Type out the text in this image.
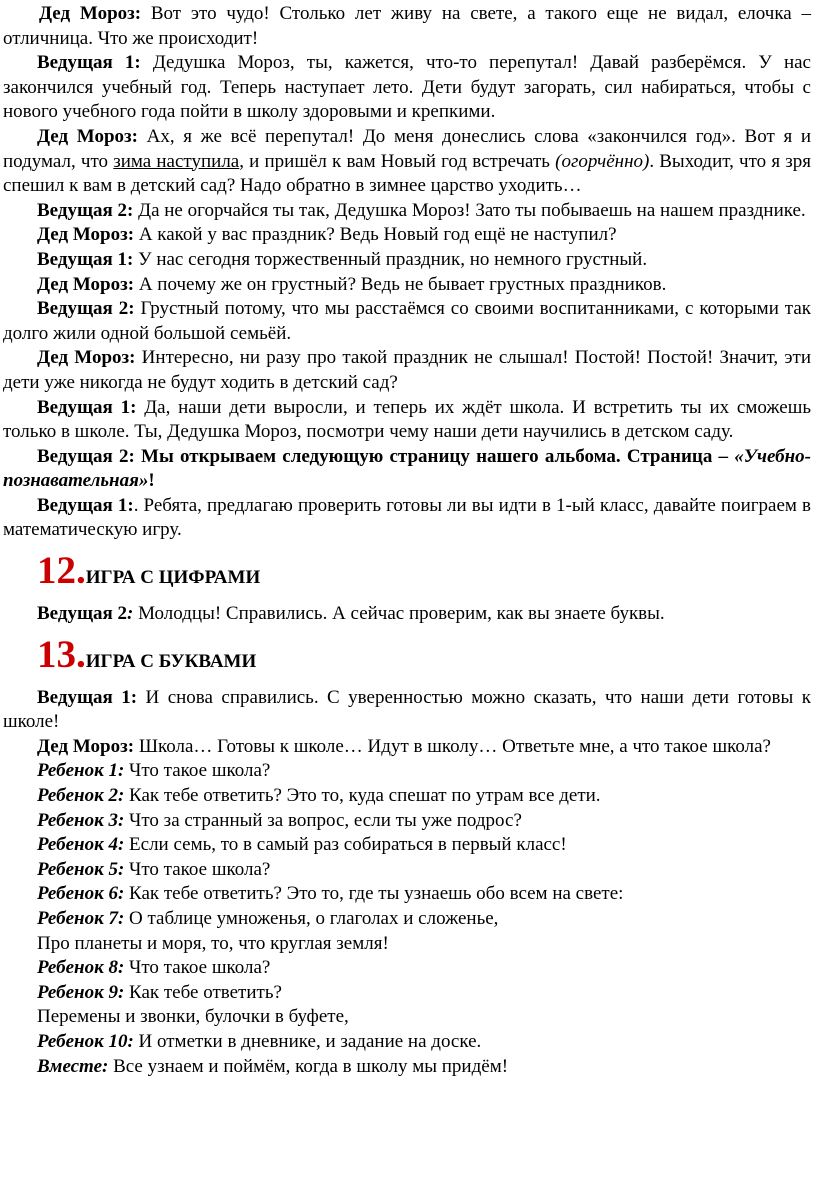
Дед Мороз: Вот это чудо! Столько лет живу на свете, а такого еще не видал, елочка – отличница. Что же происходит!

Ведущая 1: Дедушка Мороз, ты, кажется, что-то перепутал! Давай разберёмся. У нас закончился учебный год. Теперь наступает лето. Дети будут загорать, сил набираться, чтобы с нового учебного года пойти в школу здоровыми и крепкими.

Дед Мороз: Ах, я же всё перепутал! До меня донеслись слова «закончился год». Вот я и подумал, что зима наступила, и пришёл к вам Новый год встречать (огорчённо). Выходит, что я зря спешил к вам в детский сад? Надо обратно в зимнее царство уходить…

Ведущая 2: Да не огорчайся ты так, Дедушка Мороз! Зато ты побываешь на нашем празднике.

Дед Мороз: А какой у вас праздник? Ведь Новый год ещё не наступил?

Ведущая 1: У нас сегодня торжественный праздник, но немного грустный.

Дед Мороз: А почему же он грустный? Ведь не бывает грустных праздников.

Ведущая 2: Грустный потому, что мы расстаёмся со своими воспитанниками, с которыми так долго жили одной большой семьёй.

Дед Мороз: Интересно, ни разу про такой праздник не слышал! Постой! Постой! Значит, эти дети уже никогда не будут ходить в детский сад?

Ведущая 1: Да, наши дети выросли, и теперь их ждёт школа. И встретить ты их сможешь только в школе. Ты, Дедушка Мороз, посмотри чему наши дети научились в детском саду.

Ведущая 2: Мы открываем следующую страницу нашего альбома. Страница – «Учебно-познавательная»!

Ведущая 1:. Ребята, предлагаю проверить готовы ли вы идти в 1-ый класс, давайте поиграем в математическую игру.

12.ИГРА С ЦИФРАМИ

Ведущая 2: Молодцы! Справились. А сейчас проверим, как вы знаете буквы.

13.ИГРА С БУКВАМИ

Ведущая 1: И снова справились. С уверенностью можно сказать, что наши дети готовы к школе!

Дед Мороз: Школа… Готовы к школе… Идут в школу… Ответьте мне, а что такое школа?

Ребенок 1: Что такое школа?

Ребенок 2: Как тебе ответить? Это то, куда спешат по утрам все дети.

Ребенок 3: Что за странный за вопрос, если ты уже подрос?

Ребенок 4: Если семь, то в самый раз собираться в первый класс!

Ребенок 5: Что такое школа?

Ребенок 6: Как тебе ответить? Это то, где ты узнаешь обо всем на свете:

Ребенок 7: О таблице умноженья, о глаголах и сложенье,

Про планеты и моря, то, что круглая земля!

Ребенок 8: Что такое школа?

Ребенок 9: Как тебе ответить?

Перемены и звонки, булочки в буфете,

Ребенок 10: И отметки в дневнике, и задание на доске.

Вместе: Все узнаем и поймём, когда в школу мы придём!
